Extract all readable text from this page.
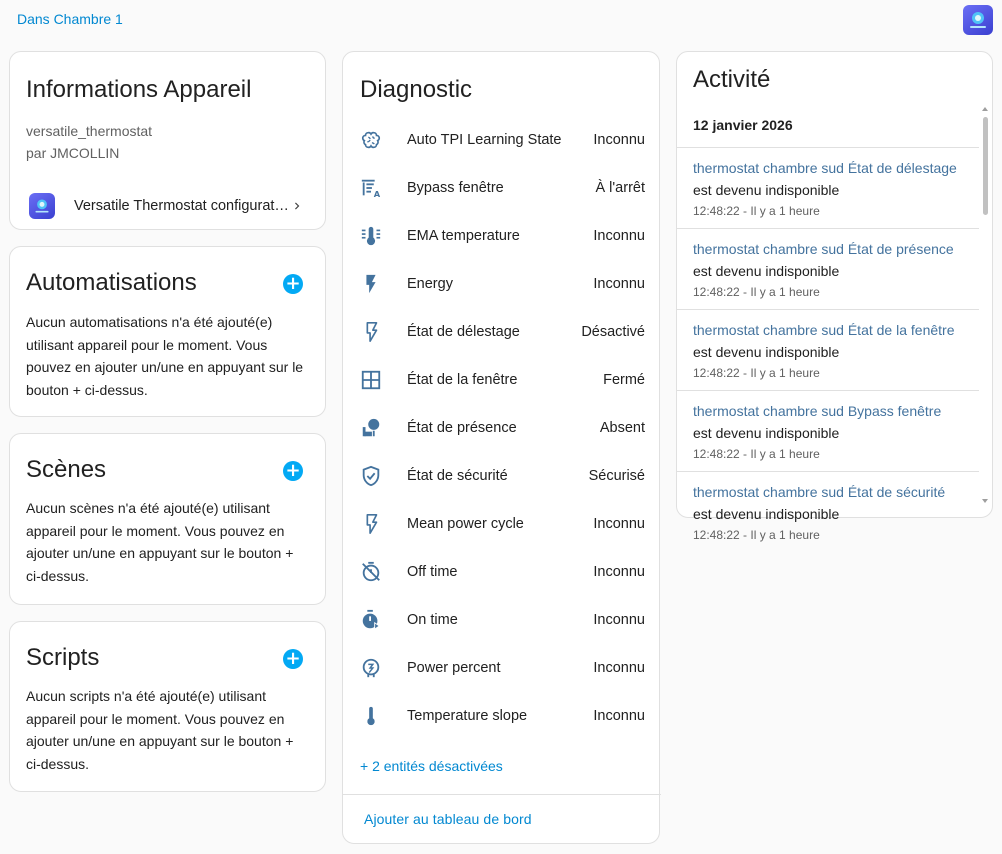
Dans Chambre 1
Informations Appareil
versatile_thermostat
par JMCOLLIN
Versatile Thermostat configurat…
Automatisations	+
Aucun automatisations n'a été ajouté(e) utilisant appareil pour le moment. Vous pouvez en ajouter un/une en appuyant sur le bouton + ci-dessus.
Scènes	+
Aucun scènes n'a été ajouté(e) utilisant appareil pour le moment. Vous pouvez en ajouter un/une en appuyant sur le bouton + ci-dessus.
Scripts	+
Aucun scripts n'a été ajouté(e) utilisant appareil pour le moment. Vous pouvez en ajouter un/une en appuyant sur le bouton + ci-dessus.
Diagnostic
Auto TPI Learning State	Inconnu
A Bypass fenêtre	À l'arrêt
EMA temperature	Inconnu
Energy	Inconnu
État de délestage	Désactivé
État de la fenêtre	Fermé
État de présence	Absent
État de sécurité	Sécurisé
Mean power cycle	Inconnu
Off time	Inconnu
On time	Inconnu
Power percent	Inconnu
Temperature slope	Inconnu
+ 2 entités désactivées
Ajouter au tableau de bord
Activité
12 janvier 2026
thermostat chambre sud État de délestage est devenu indisponible
12:48:22 - Il y a 1 heure
thermostat chambre sud État de présence est devenu indisponible
12:48:22 - Il y a 1 heure
thermostat chambre sud État de la fenêtre est devenu indisponible
12:48:22 - Il y a 1 heure
thermostat chambre sud Bypass fenêtre est devenu indisponible
12:48:22 - Il y a 1 heure
thermostat chambre sud État de sécurité est devenu indisponible
12:48:22 - Il y a 1 heure
